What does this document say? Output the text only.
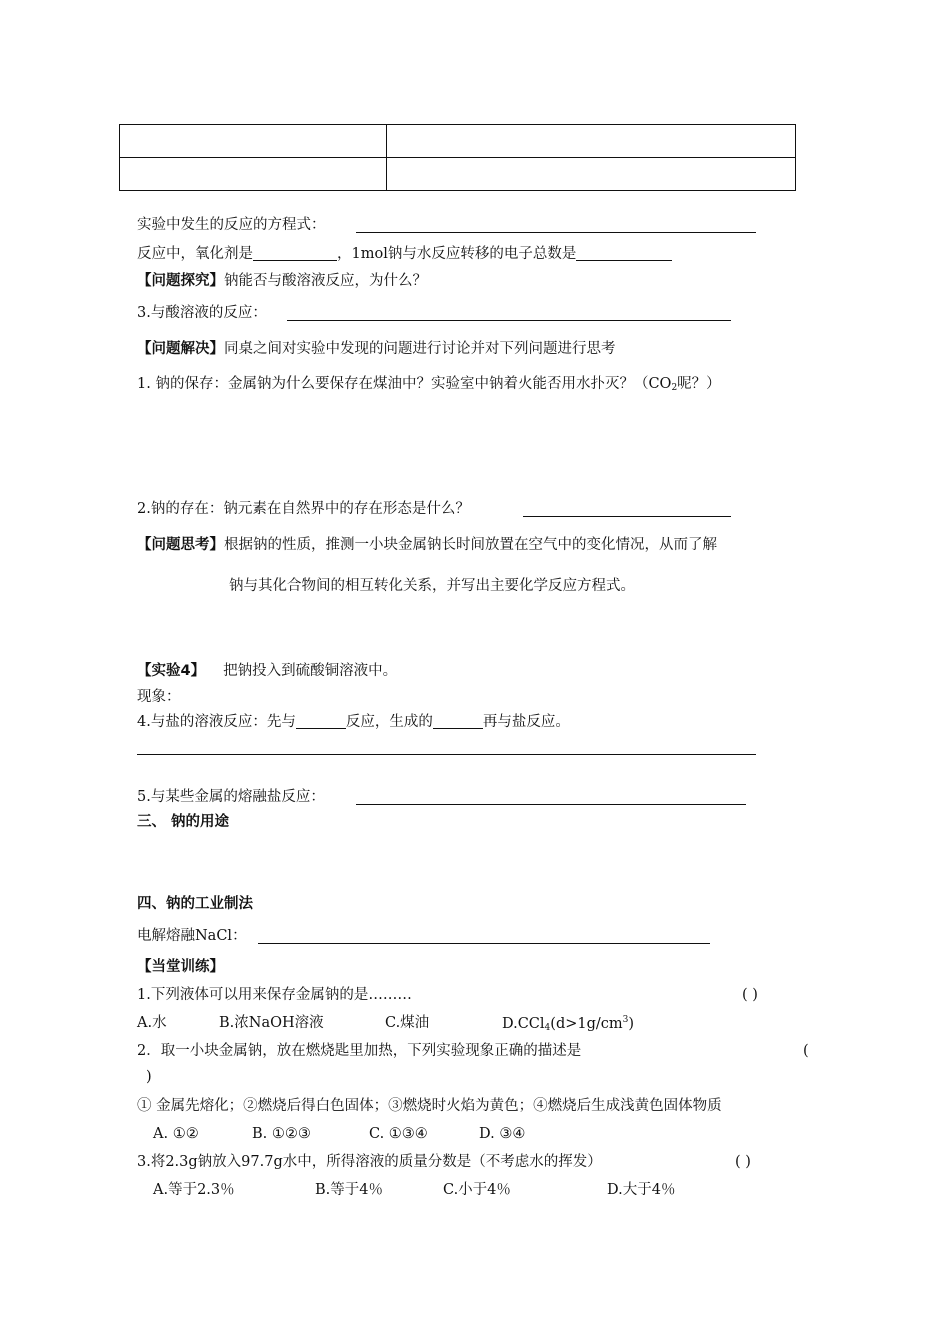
实验中发生的反应的方程式：
反应中，氧化剂是	，1mol钠与水反应转移的电子总数是
【问题探究】钠能否与酸溶液反应，为什么？
3.与酸溶液的反应：
【问题解决】同桌之间对实验中发现的问题进行讨论并对下列问题进行思考
1. 钠的保存：金属钠为什么要保存在煤油中？实验室中钠着火能否用水扑灭？（$CO_2$呢？）
2.钠的存在：钠元素在自然界中的存在形态是什么？
【问题思考】根据钠的性质，推测一小块金属钠长时间放置在空气中的变化情况，从而了解
钠与其化合物间的相互转化关系，并写出主要化学反应方程式。
【实验4】 把钠投入到硫酸铜溶液中。
现象：
4.与盐的溶液反应：先与	反应，生成的	再与盐反应。
5.与某些金属的熔融盐反应：
三、 钠的用途
四、钠的工业制法
电解熔融NaCl：
【当堂训练】
1.下列液体可以用来保存金属钠的是………	( )
A.水	B.浓NaOH溶液	C.煤油	$D.CCl_4(d>1g/cm^3)$
2．取一小块金属钠，放在燃烧匙里加热，下列实验现象正确的描述是	(
)
① 金属先熔化；②燃烧后得白色固体；③燃烧时火焰为黄色；④燃烧后生成浅黄色固体物质
A. ①②	B. ①②③	C. ①③④	D. ③④
3.将2.3g钠放入97.7g水中，所得溶液的质量分数是（不考虑水的挥发）	( )
A.等于2.3％	B.等于4％	C.小于4％	D.大于4％
